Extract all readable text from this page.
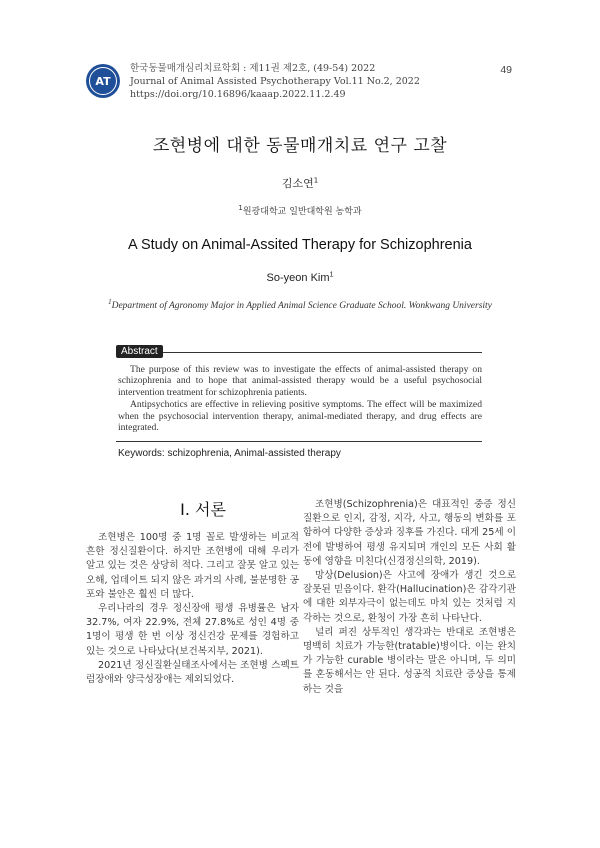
AT
한국동물매개심리치료학회 : 제11권 제2호, (49-54) 2022
Journal of Animal Assisted Psychotherapy Vol.11 No.2, 2022
https://doi.org/10.16896/kaaap.2022.11.2.49
49
조현병에 대한 동물매개치료 연구 고찰
김소연$^1$
$^1$원광대학교 일반대학원 농학과
A Study on Animal-Assited Therapy for Schizophrenia
So-yeon Kim$^1$
$^1$Department of Agronomy Major in Applied Animal Science Graduate School. Wonkwang University
Abstract

The purpose of this review was to investigate the effects of animal-assisted therapy on schizophrenia and to hope that animal-assisted therapy would be a useful psychosocial intervention treatment for schizophrenia patients.

Antipsychotics are effective in relieving positive symptoms. The effect will be maximized when the psychosocial intervention therapy, animal-mediated therapy, and drug effects are integrated.

Keywords: schizophrenia, Animal-assisted therapy
Ⅰ. 서론

조현병은 100명 중 1명 꼴로 발생하는 비교적 흔한 정신질환이다. 하지만 조현병에 대해 우리가 알고 있는 것은 상당히 적다. 그리고 잘못 알고 있는 오해, 업데이트 되지 않은 과거의 사례, 불분명한 공포와 불안은 훨씬 더 많다.

우리나라의 경우 정신장애 평생 유병률은 남자 32.7%, 여자 22.9%, 전체 27.8%로 성인 4명 중 1명이 평생 한 번 이상 정신건강 문제를 경험하고 있는 것으로 나타났다(보건복지부, 2021).

2021년 정신질환실태조사에서는 조현병 스펙트럼장애와 양극성장애는 제외되었다.

조현병(Schizophrenia)은 대표적인 중증 정신질환으로 인지, 감정, 지각, 사고, 행동의 변화를 포함하여 다양한 증상과 징후를 가진다. 대게 25세 이전에 발병하여 평생 유지되며 개인의 모든 사회 활동에 영향을 미친다(신경정신의학, 2019).

망상(Delusion)은 사고에 장애가 생긴 것으로 잘못된 믿음이다. 환각(Hallucination)은 감각기관에 대한 외부자극이 없는데도 마치 있는 것처럼 지각하는 것으로, 환청이 가장 흔히 나타난다.

널리 퍼진 상투적인 생각과는 반대로 조현병은 명백히 치료가 가능한(tratable)병이다. 이는 완치가 가능한 curable 병이라는 말은 아니며, 두 의미를 혼동해서는 안 된다. 성공적 치료란 증상을 통제하는 것을
